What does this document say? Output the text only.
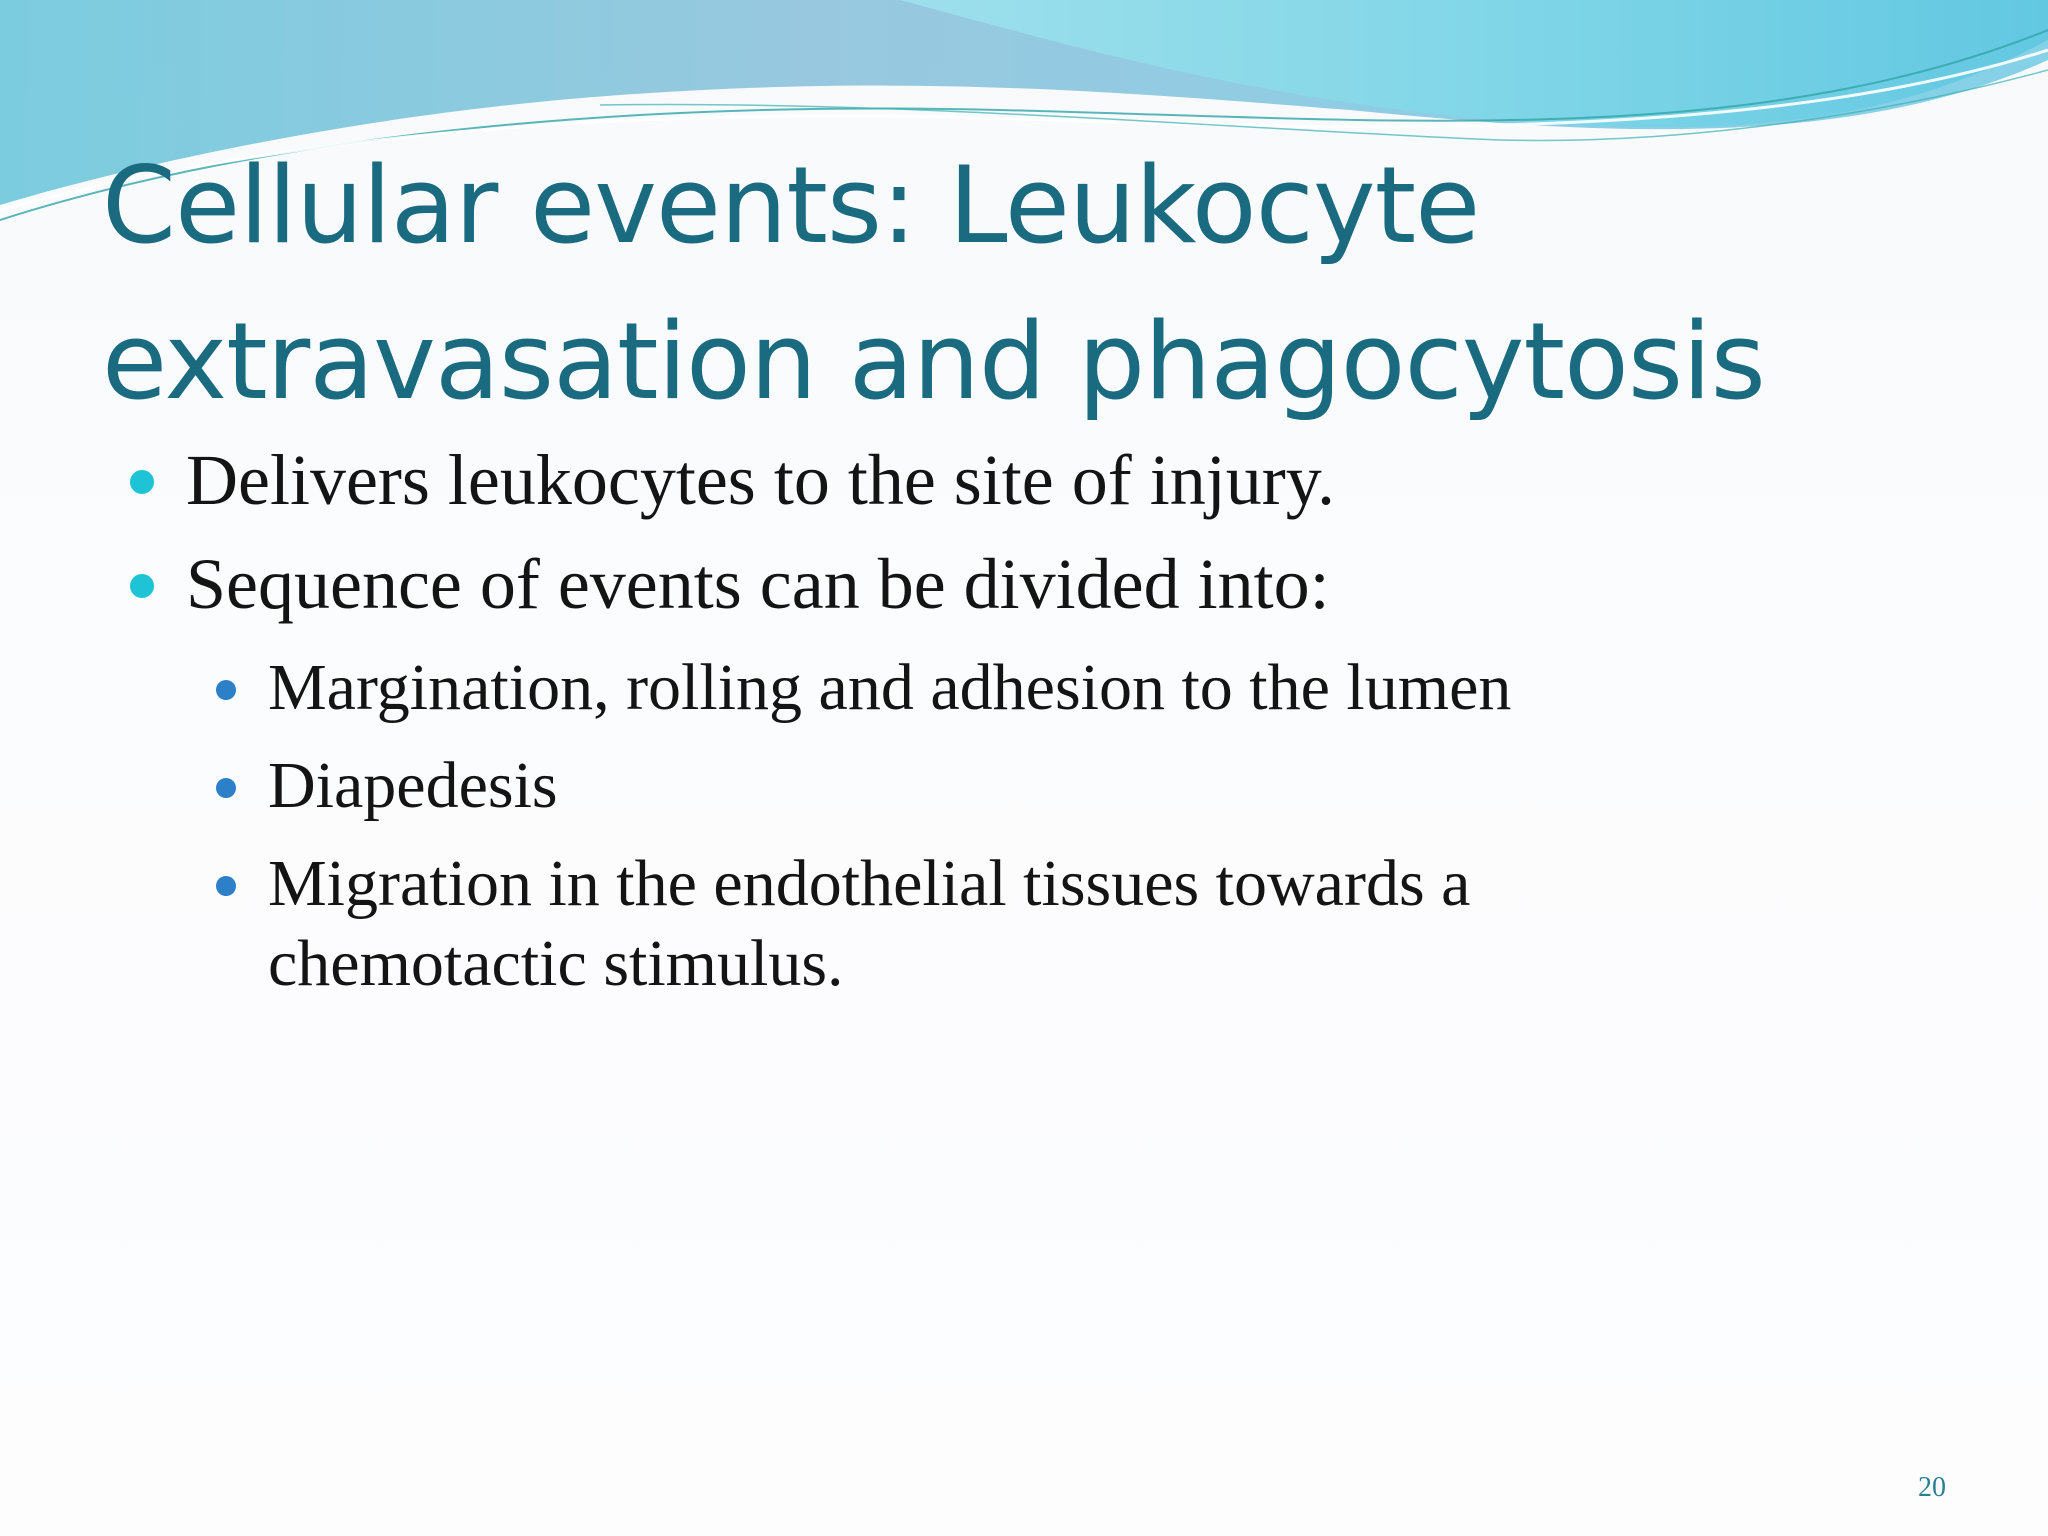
Cellular events: Leukocyte
extravasation and phagocytosis
Delivers leukocytes to the site of injury.
Sequence of events can be divided into:
Margination, rolling and adhesion to the lumen
Diapedesis
Migration in the endothelial tissues towards a
chemotactic stimulus.
20
